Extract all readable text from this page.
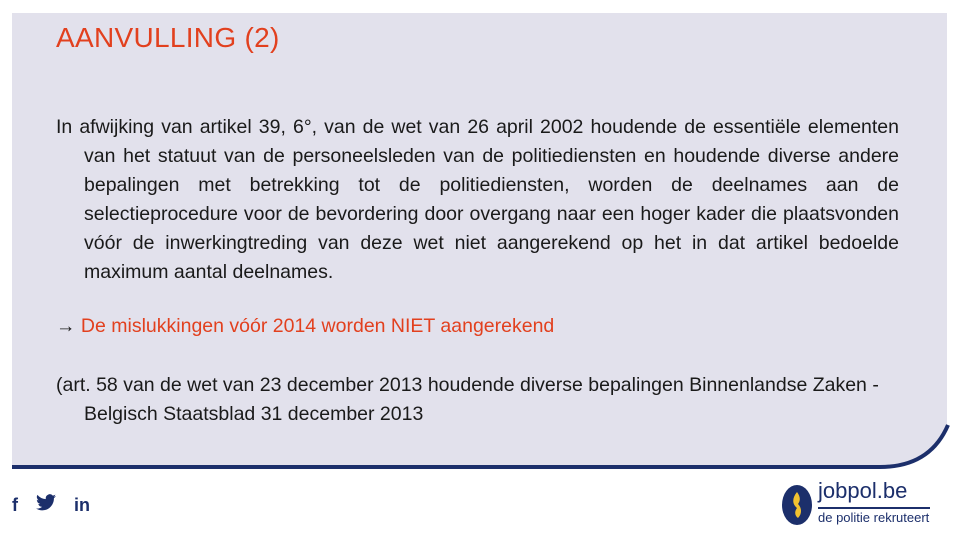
AANVULLING (2)
In afwijking van artikel 39, 6°, van de wet van 26 april 2002 houdende de essentiële elementen van het statuut van de personeelsleden van de politiediensten en houdende diverse andere bepalingen met betrekking tot de politiediensten, worden de deelnames aan de selectieprocedure voor de bevordering door overgang naar een hoger kader die plaatsvonden vóór de inwerkingtreding van deze wet niet aangerekend op het in dat artikel bedoelde maximum aantal deelnames.
→ De mislukkingen vóór 2014 worden NIET aangerekend
(art. 58 van de wet van 23 december 2013 houdende diverse bepalingen Binnenlandse Zaken - Belgisch Staatsblad 31 december 2013
f	in
jobpol.be
de politie rekruteert
